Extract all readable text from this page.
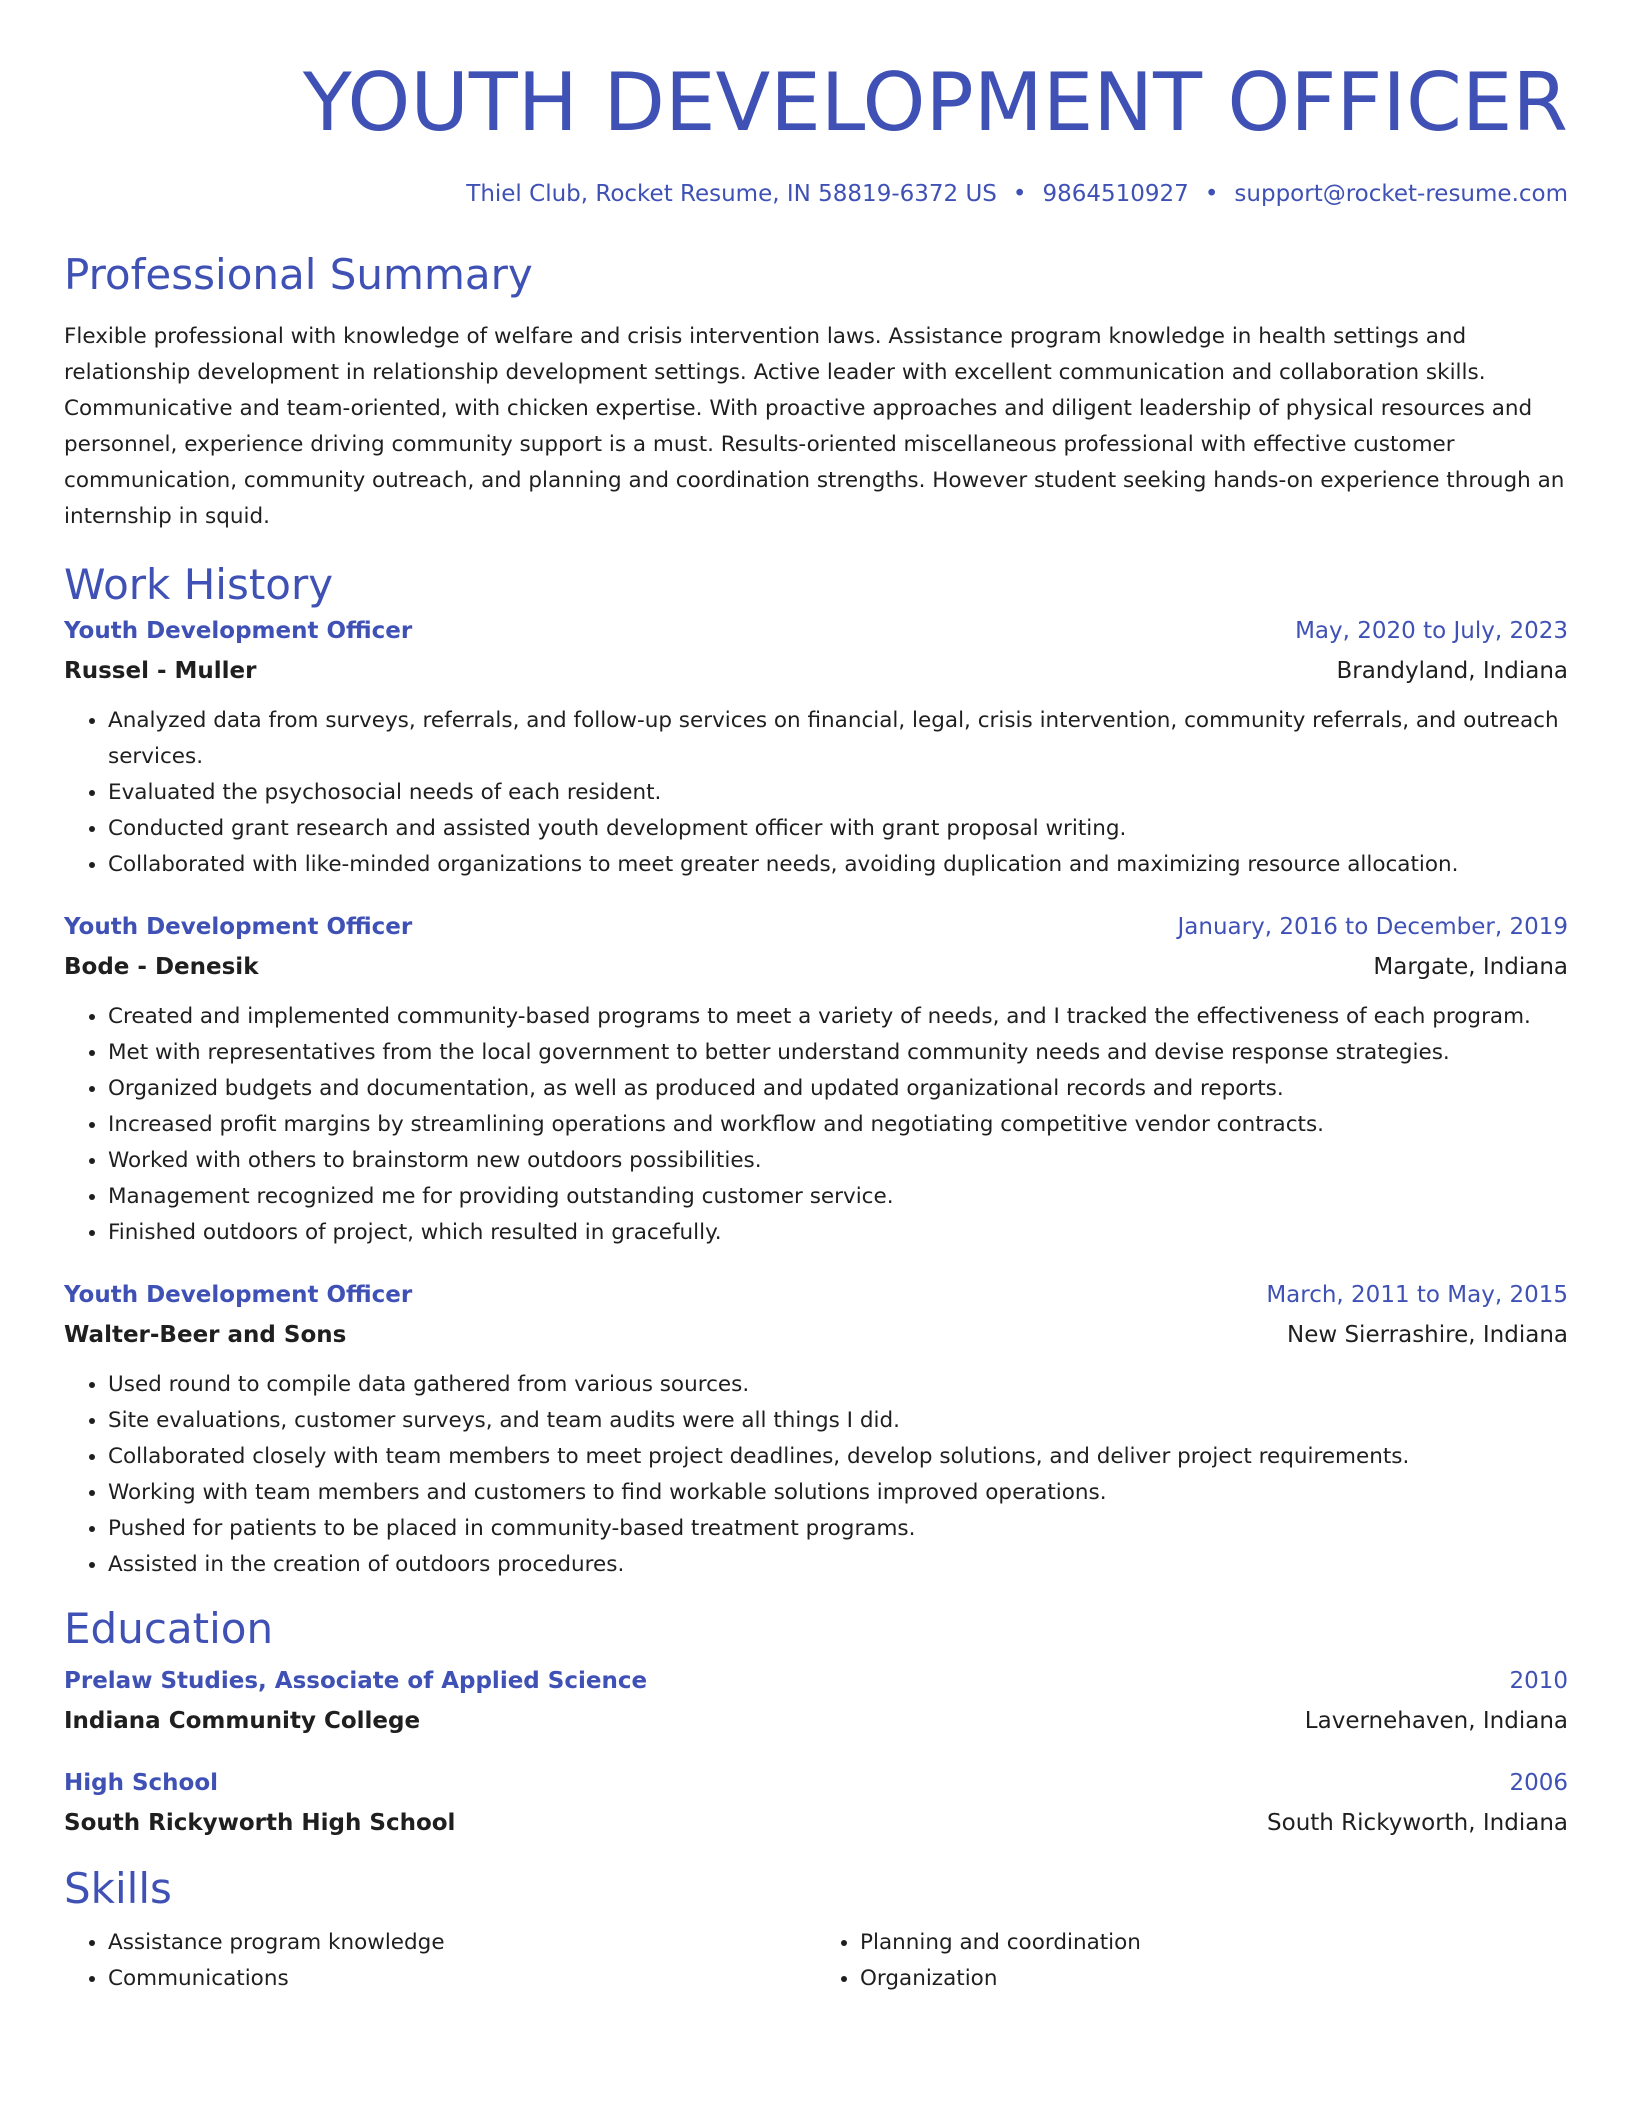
YOUTH DEVELOPMENT OFFICER
Thiel Club, Rocket Resume, IN 58819-6372 US • 9864510927 • support@rocket-resume.com
Professional Summary

Flexible professional with knowledge of welfare and crisis intervention laws. Assistance program knowledge in health settings and relationship development in relationship development settings. Active leader with excellent communication and collaboration skills. Communicative and team-oriented, with chicken expertise. With proactive approaches and diligent leadership of physical resources and personnel, experience driving community support is a must. Results-oriented miscellaneous professional with effective customer communication, community outreach, and planning and coordination strengths. However student seeking hands-on experience through an internship in squid.

Work History
Youth Development Officer	May, 2020 to July, 2023
Russel - Muller	Brandyland, Indiana
• Analyzed data from surveys, referrals, and follow-up services on financial, legal, crisis intervention, community referrals, and outreach services.
• Evaluated the psychosocial needs of each resident.
• Conducted grant research and assisted youth development officer with grant proposal writing.
• Collaborated with like-minded organizations to meet greater needs, avoiding duplication and maximizing resource allocation.
Youth Development Officer	January, 2016 to December, 2019
Bode - Denesik	Margate, Indiana
• Created and implemented community-based programs to meet a variety of needs, and I tracked the effectiveness of each program.
• Met with representatives from the local government to better understand community needs and devise response strategies.
• Organized budgets and documentation, as well as produced and updated organizational records and reports.
• Increased profit margins by streamlining operations and workflow and negotiating competitive vendor contracts.
• Worked with others to brainstorm new outdoors possibilities.
• Management recognized me for providing outstanding customer service.
• Finished outdoors of project, which resulted in gracefully.
Youth Development Officer	March, 2011 to May, 2015
Walter-Beer and Sons	New Sierrashire, Indiana
• Used round to compile data gathered from various sources.
• Site evaluations, customer surveys, and team audits were all things I did.
• Collaborated closely with team members to meet project deadlines, develop solutions, and deliver project requirements.
• Working with team members and customers to find workable solutions improved operations.
• Pushed for patients to be placed in community-based treatment programs.
• Assisted in the creation of outdoors procedures.
Education
Prelaw Studies, Associate of Applied Science	2010
Indiana Community College	Lavernehaven, Indiana
High School	2006
South Rickyworth High School	South Rickyworth, Indiana
Skills
• Assistance program knowledge
• Communications
• Planning and coordination
• Organization
